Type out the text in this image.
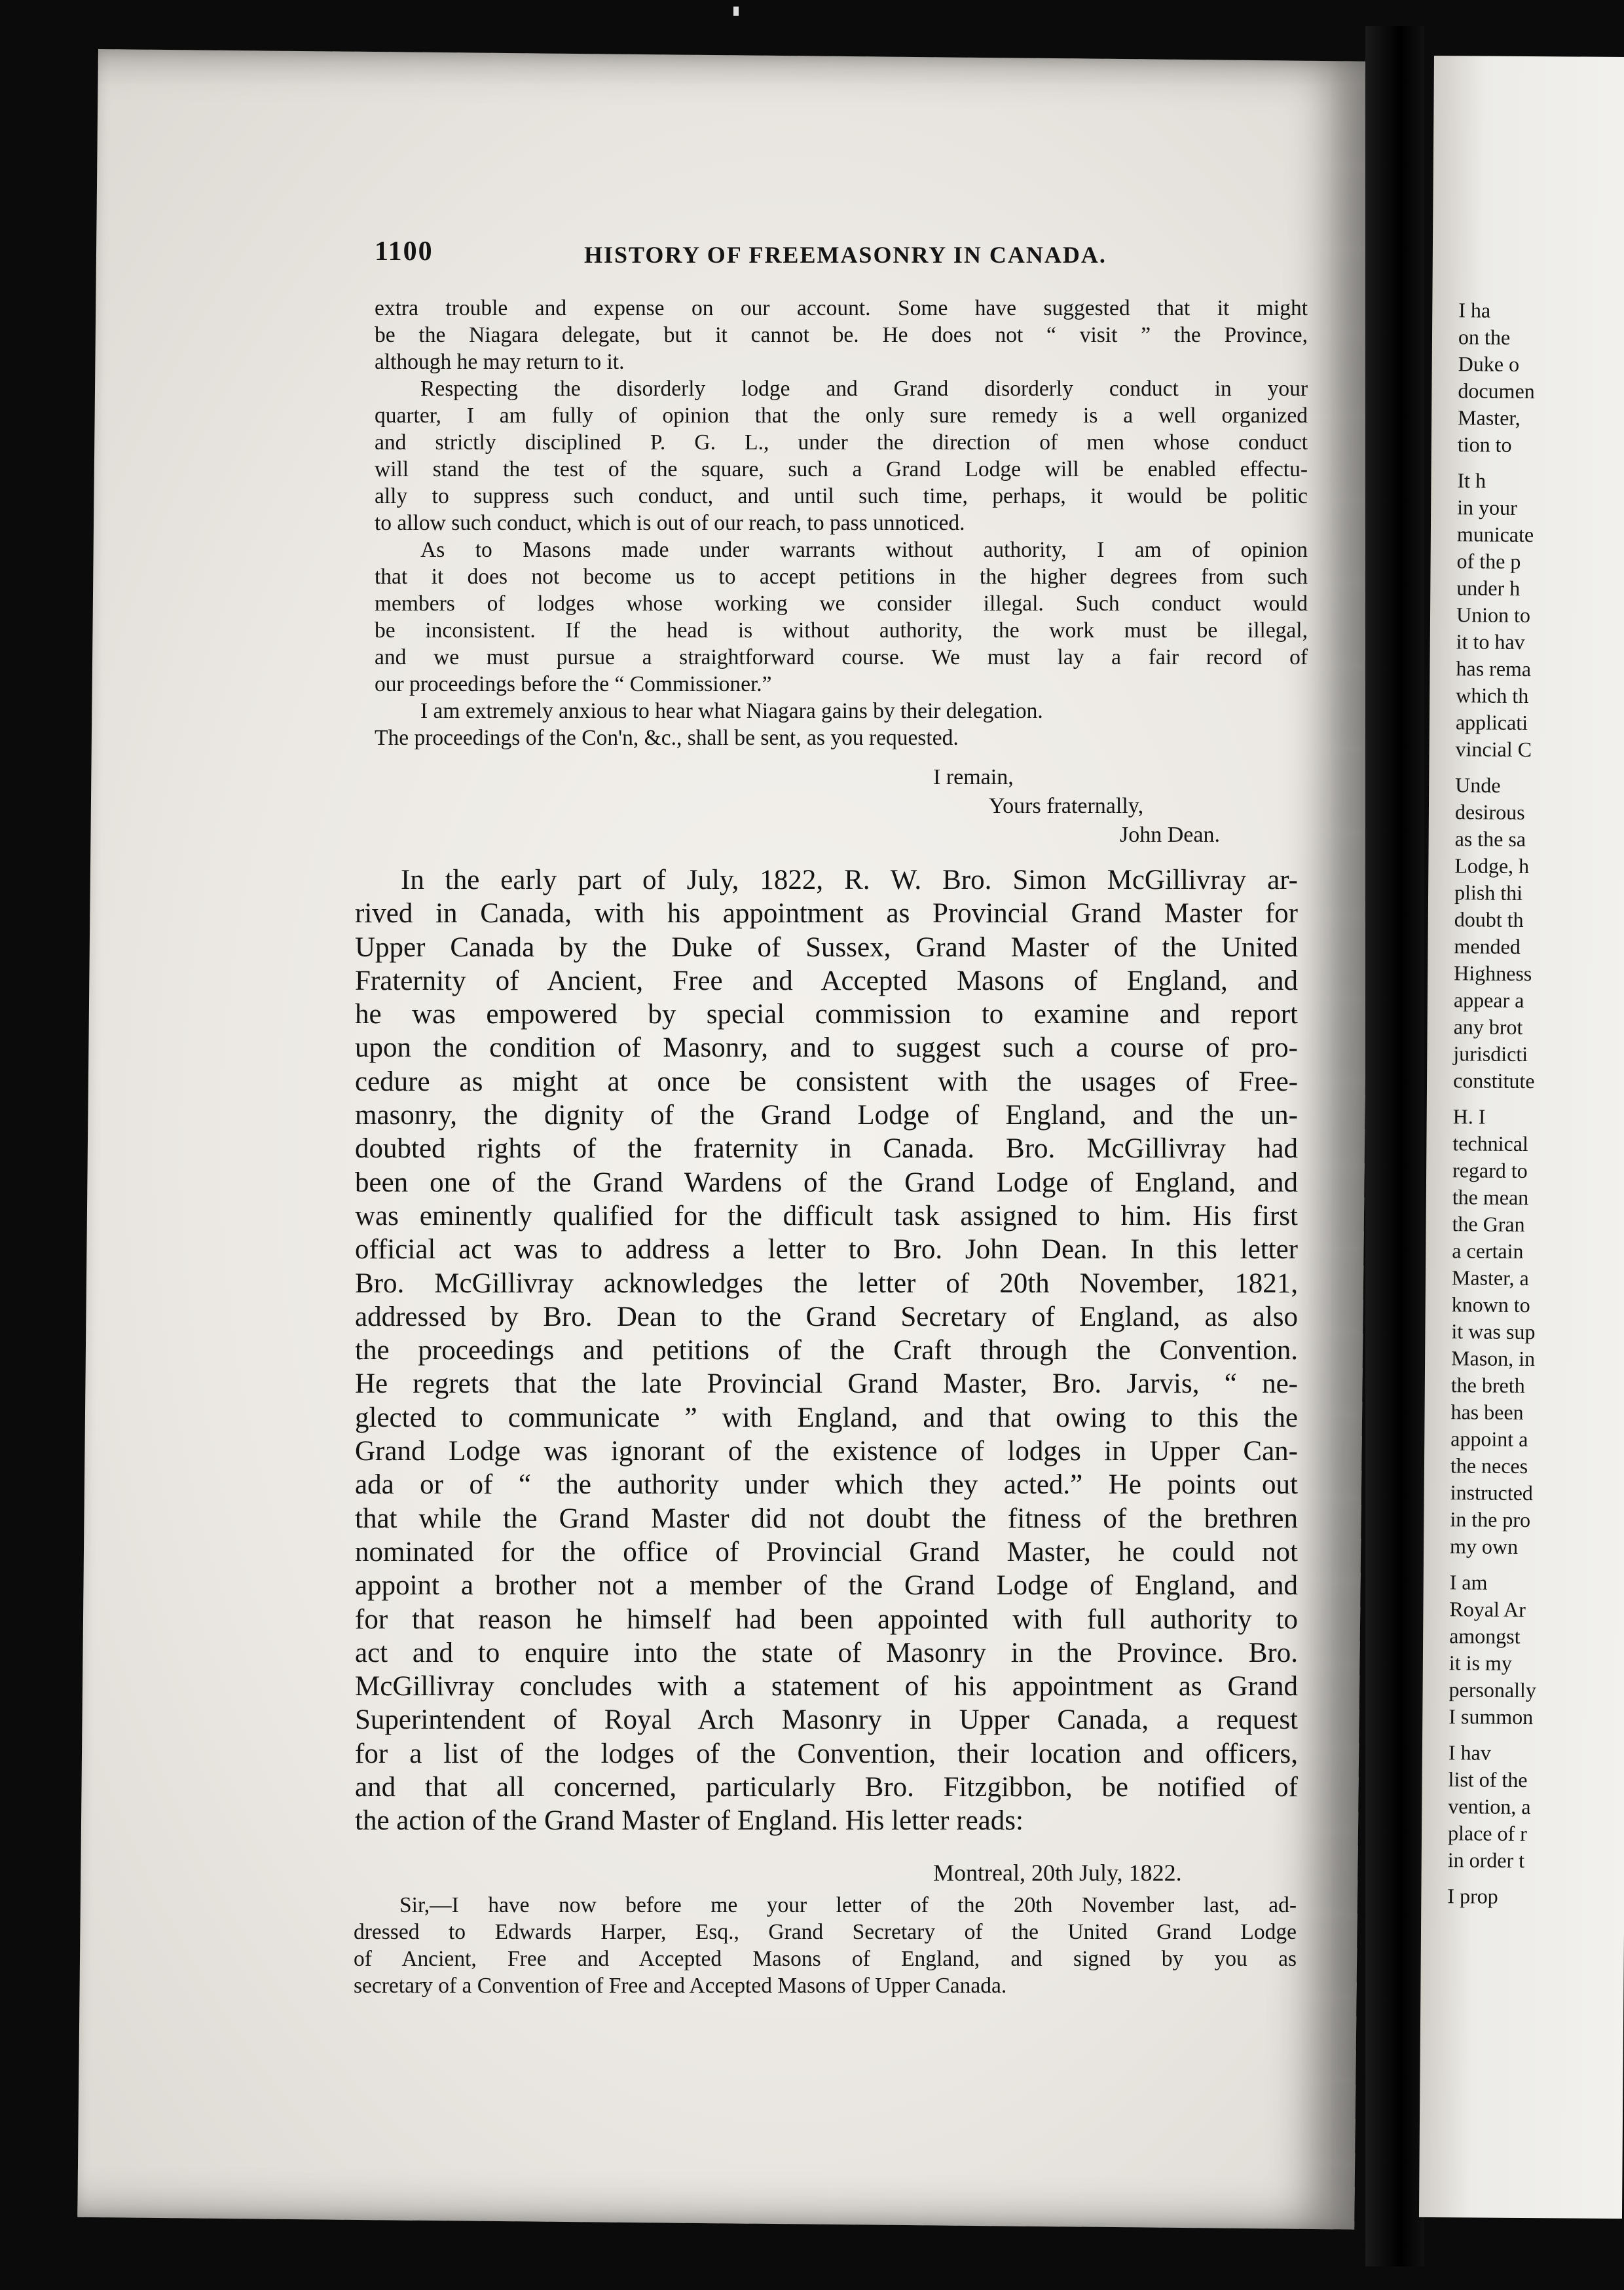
I ha
on the
Duke o
documen
Master,
tion to
It h
in your
municate
of the p
under h
Union to
it to hav
has rema
which th
applicati
vincial C
Unde
desirous
as the sa
Lodge, h
plish thi
doubt th
mended
Highness
appear a
any brot
jurisdicti
constitute
H. I
technical
regard to
the mean
the Gran
a certain
Master, a
known to
it was sup
Mason, in
the breth
has been
appoint a
the neces
instructed
in the pro
my own
I am
Royal Ar
amongst
it is my
personally
I summon
I hav
list of the
vention, a
place of r
in order t
I prop
1100	HISTORY OF FREEMASONRY IN CANADA.
extra trouble and expense on our account. Some have suggested that it might
be the Niagara delegate, but it cannot be. He does not “ visit ” the Province,
although he may return to it.
Respecting the disorderly lodge and Grand disorderly conduct in your
quarter, I am fully of opinion that the only sure remedy is a well organized
and strictly disciplined P. G. L., under the direction of men whose conduct
will stand the test of the square, such a Grand Lodge will be enabled effectu-
ally to suppress such conduct, and until such time, perhaps, it would be politic
to allow such conduct, which is out of our reach, to pass unnoticed.
As to Masons made under warrants without authority, I am of opinion
that it does not become us to accept petitions in the higher degrees from such
members of lodges whose working we consider illegal. Such conduct would
be inconsistent. If the head is without authority, the work must be illegal,
and we must pursue a straightforward course. We must lay a fair record of
our proceedings before the “ Commissioner.”
I am extremely anxious to hear what Niagara gains by their delegation.
The proceedings of the Con'n, &c., shall be sent, as you requested.
I remain,
Yours fraternally,
John Dean.
In the early part of July, 1822, R. W. Bro. Simon McGillivray ar-
rived in Canada, with his appointment as Provincial Grand Master for
Upper Canada by the Duke of Sussex, Grand Master of the United
Fraternity of Ancient, Free and Accepted Masons of England, and
he was empowered by special commission to examine and report
upon the condition of Masonry, and to suggest such a course of pro-
cedure as might at once be consistent with the usages of Free-
masonry, the dignity of the Grand Lodge of England, and the un-
doubted rights of the fraternity in Canada. Bro. McGillivray had
been one of the Grand Wardens of the Grand Lodge of England, and
was eminently qualified for the difficult task assigned to him. His first
official act was to address a letter to Bro. John Dean. In this letter
Bro. McGillivray acknowledges the letter of 20th November, 1821,
addressed by Bro. Dean to the Grand Secretary of England, as also
the proceedings and petitions of the Craft through the Convention.
He regrets that the late Provincial Grand Master, Bro. Jarvis, “ ne-
glected to communicate ” with England, and that owing to this the
Grand Lodge was ignorant of the existence of lodges in Upper Can-
ada or of “ the authority under which they acted.” He points out
that while the Grand Master did not doubt the fitness of the brethren
nominated for the office of Provincial Grand Master, he could not
appoint a brother not a member of the Grand Lodge of England, and
for that reason he himself had been appointed with full authority to
act and to enquire into the state of Masonry in the Province. Bro.
McGillivray concludes with a statement of his appointment as Grand
Superintendent of Royal Arch Masonry in Upper Canada, a request
for a list of the lodges of the Convention, their location and officers,
and that all concerned, particularly Bro. Fitzgibbon, be notified of
the action of the Grand Master of England. His letter reads:
Montreal, 20th July, 1822.
Sir,—I have now before me your letter of the 20th November last, ad-
dressed to Edwards Harper, Esq., Grand Secretary of the United Grand Lodge
of Ancient, Free and Accepted Masons of England, and signed by you as
secretary of a Convention of Free and Accepted Masons of Upper Canada.
